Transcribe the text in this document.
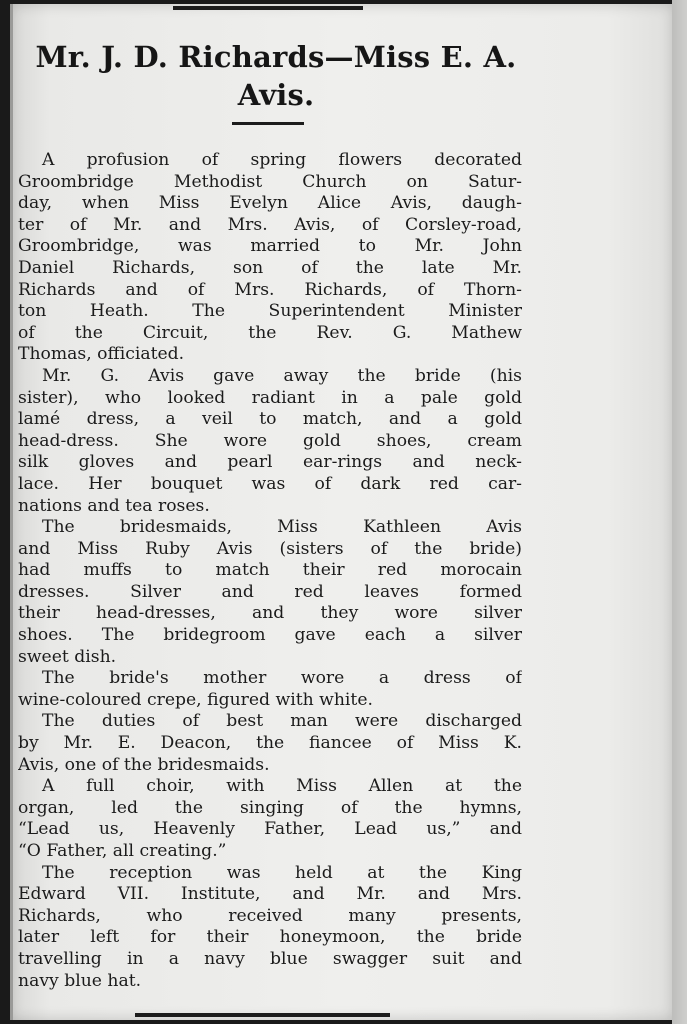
Mr. J. D. Richards—Miss E. A.
Avis.

A profusion of spring flowers decorated
Groombridge Methodist Church on Satur-
day, when Miss Evelyn Alice Avis, daugh-
ter of Mr. and Mrs. Avis, of Corsley-road,
Groombridge, was married to Mr. John
Daniel Richards, son of the late Mr.
Richards and of Mrs. Richards, of Thorn-
ton Heath. The Superintendent Minister
of the Circuit, the Rev. G. Mathew
Thomas, officiated.

Mr. G. Avis gave away the bride (his
sister), who looked radiant in a pale gold
lamé dress, a veil to match, and a gold
head-dress. She wore gold shoes, cream
silk gloves and pearl ear-rings and neck-
lace. Her bouquet was of dark red car-
nations and tea roses.

The bridesmaids, Miss Kathleen Avis
and Miss Ruby Avis (sisters of the bride)
had muffs to match their red morocain
dresses. Silver and red leaves formed
their head-dresses, and they wore silver
shoes. The bridegroom gave each a silver
sweet dish.

The bride's mother wore a dress of
wine-coloured crepe, figured with white.

The duties of best man were discharged
by Mr. E. Deacon, the fiancee of Miss K.
Avis, one of the bridesmaids.

A full choir, with Miss Allen at the
organ, led the singing of the hymns,
“Lead us, Heavenly Father, Lead us,” and
“O Father, all creating.”

The reception was held at the King
Edward VII. Institute, and Mr. and Mrs.
Richards, who received many presents,
later left for their honeymoon, the bride
travelling in a navy blue swagger suit and
navy blue hat.
